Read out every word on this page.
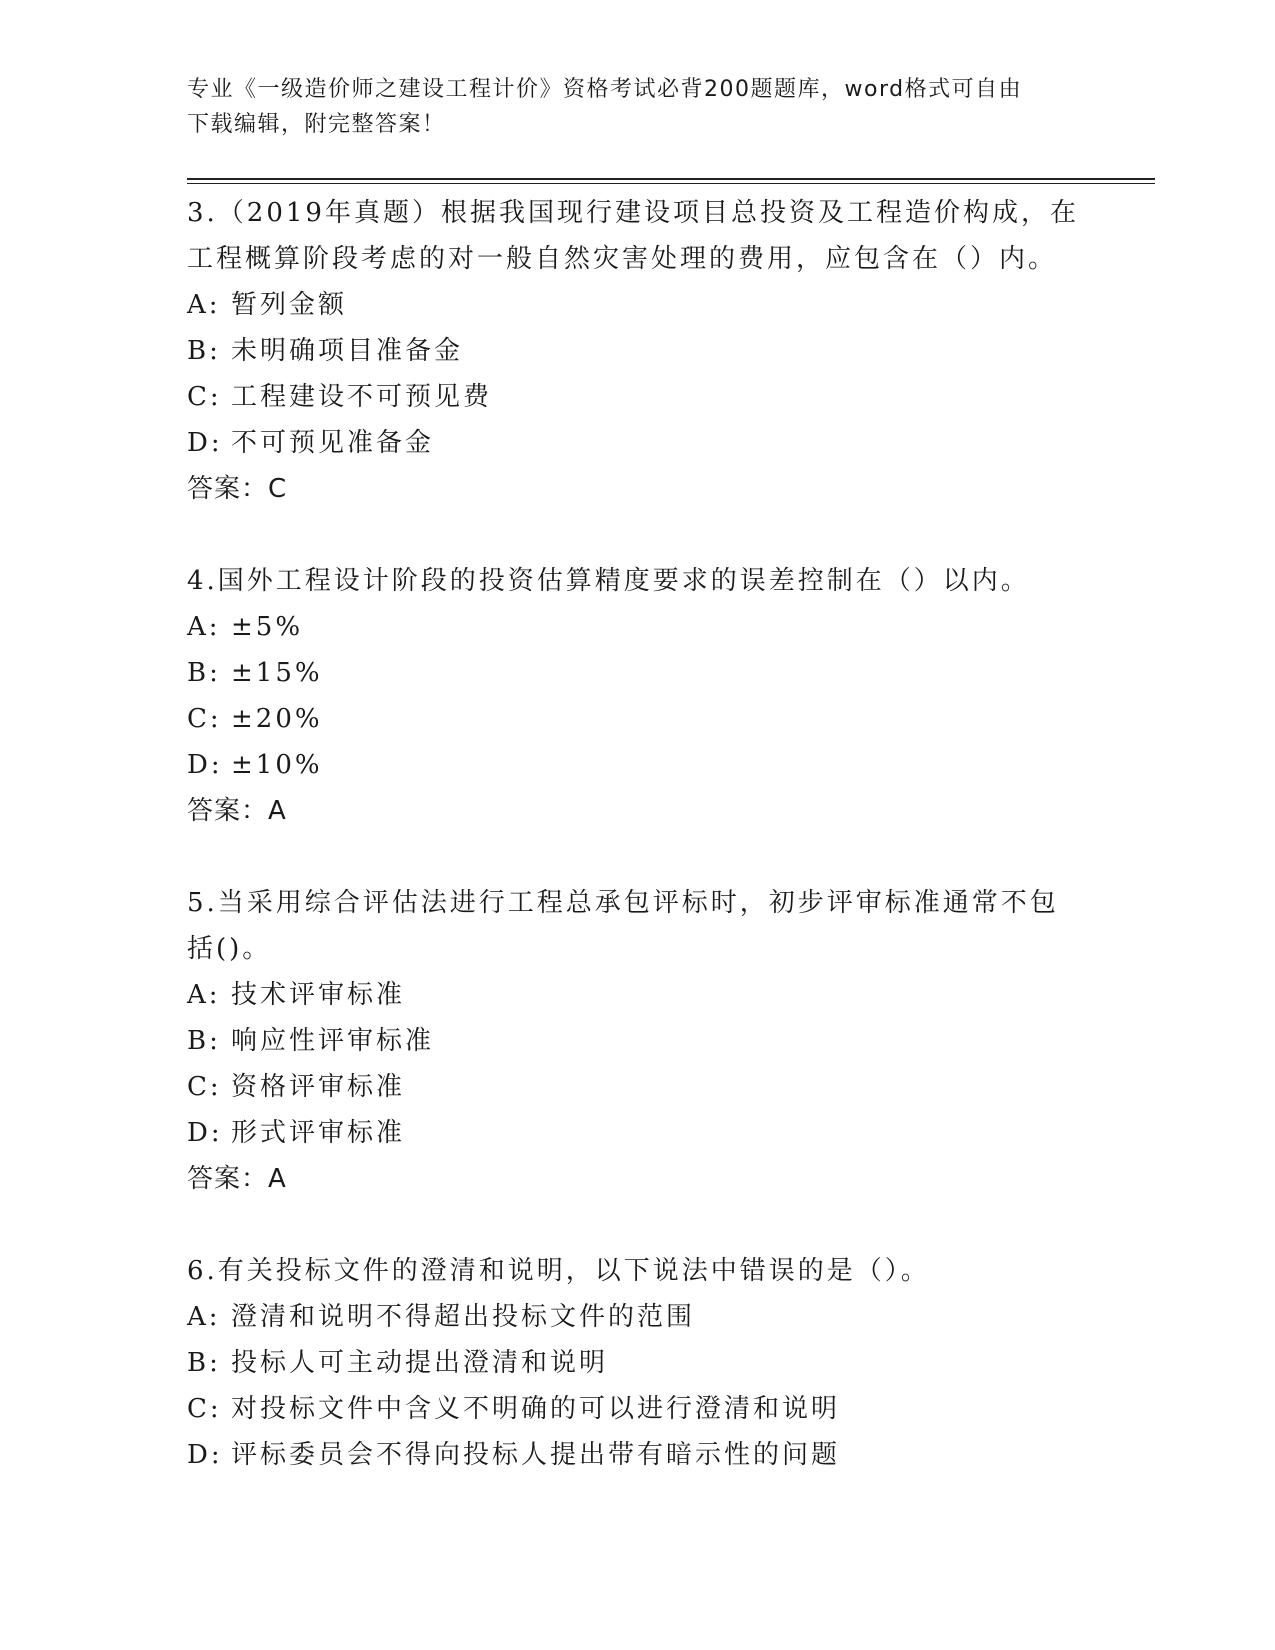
专业《一级造价师之建设工程计价》资格考试必背200题题库，word格式可自由
下载编辑，附完整答案！

3.（2019年真题）根据我国现行建设项目总投资及工程造价构成，在

工程概算阶段考虑的对一般自然灾害处理的费用，应包含在（）内。

A: 暂列金额

B: 未明确项目准备金

C: 工程建设不可预见费

D: 不可预见准备金

答案：C

4.国外工程设计阶段的投资估算精度要求的误差控制在（）以内。

A: ±5%

B: ±15%

C: ±20%

D: ±10%

答案：A

5.当采用综合评估法进行工程总承包评标时，初步评审标准通常不包

括()。

A: 技术评审标准

B: 响应性评审标准

C: 资格评审标准

D: 形式评审标准

答案：A

6.有关投标文件的澄清和说明，以下说法中错误的是（）。

A: 澄清和说明不得超出投标文件的范围

B: 投标人可主动提出澄清和说明

C: 对投标文件中含义不明确的可以进行澄清和说明

D: 评标委员会不得向投标人提出带有暗示性的问题
